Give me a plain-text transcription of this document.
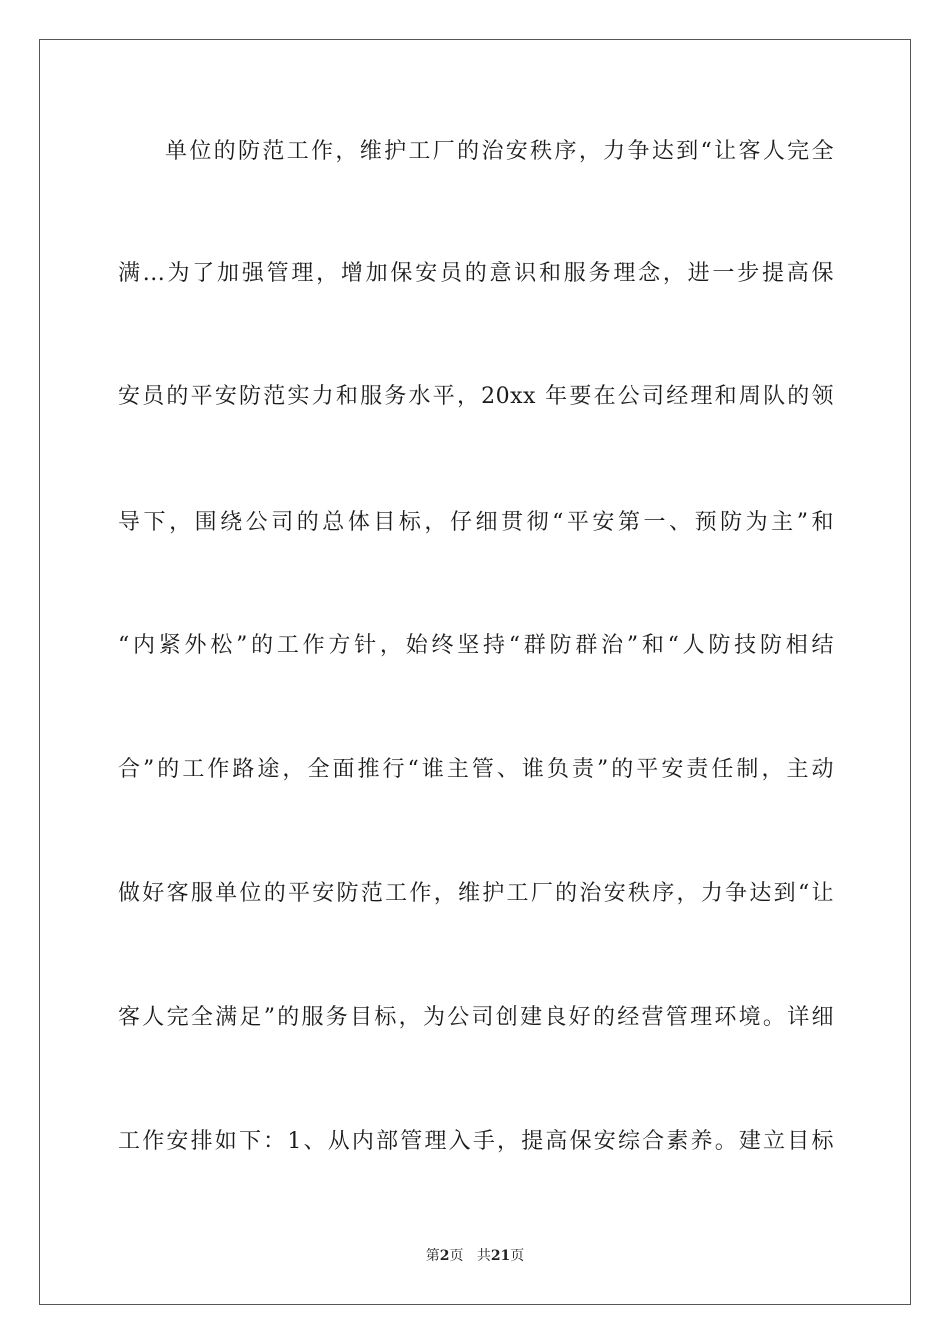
单位的防范工作，维护工厂的治安秩序，力争达到“让客人完全
满...为了加强管理，增加保安员的意识和服务理念，进一步提高保
安员的平安防范实力和服务水平，20xx 年要在公司经理和周队的领
导下，围绕公司的总体目标，仔细贯彻“平安第一、预防为主”和
“内紧外松”的工作方针，始终坚持“群防群治”和“人防技防相结
合”的工作路途，全面推行“谁主管、谁负责”的平安责任制，主动
做好客服单位的平安防范工作，维护工厂的治安秩序，力争达到“让
客人完全满足”的服务目标，为公司创建良好的经营管理环境。详细
工作安排如下：1、从内部管理入手，提高保安综合素养。建立目标
第2页 共21页
